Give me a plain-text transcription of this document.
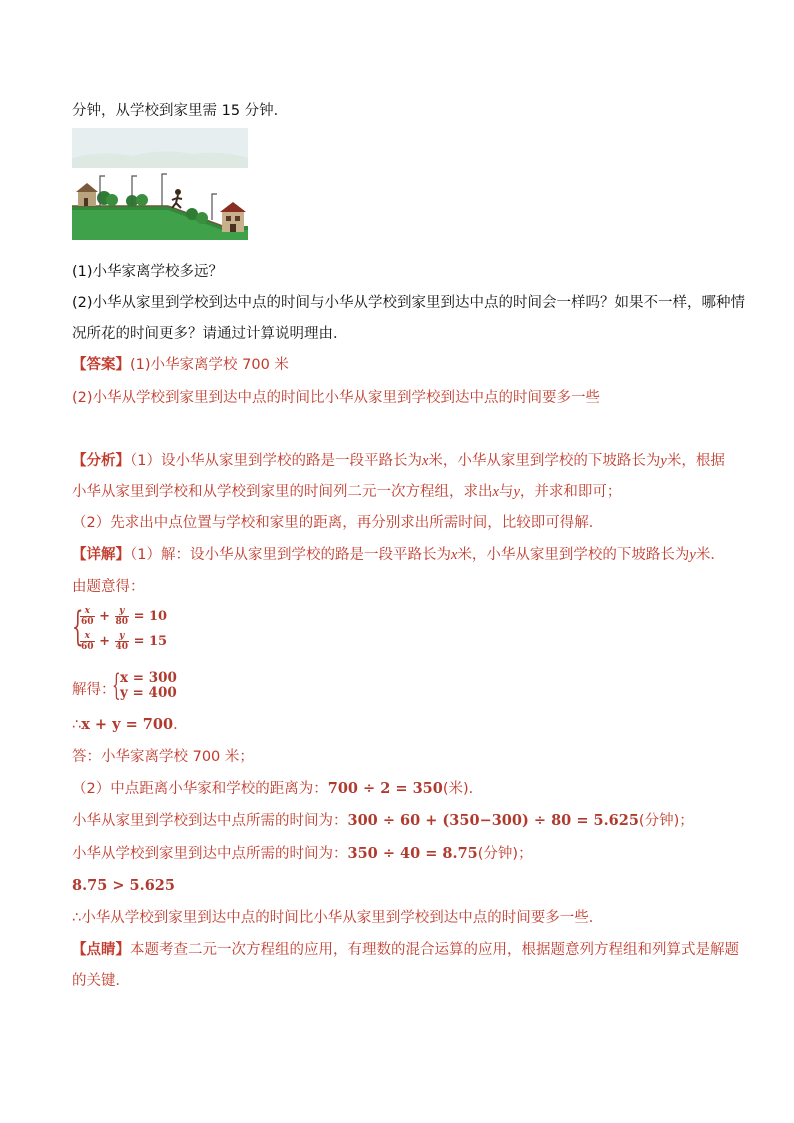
分钟，从学校到家里需 15 分钟．
(1)小华家离学校多远？
(2)小华从家里到学校到达中点的时间与小华从学校到家里到达中点的时间会一样吗？如果不一样，哪种情
况所花的时间更多？请通过计算说明理由．
【答案】(1)小华家离学校 700 米
(2)小华从学校到家里到达中点的时间比小华从家里到学校到达中点的时间要多一些
【分析】（1）设小华从家里到学校的路是一段平路长为x米，小华从家里到学校的下坡路长为y米，根据
小华从家里到学校和从学校到家里的时间列二元一次方程组，求出x与y，并求和即可；
（2）先求出中点位置与学校和家里的距离，再分别求出所需时间，比较即可得解．
【详解】（1）解：设小华从家里到学校的路是一段平路长为x米，小华从家里到学校的下坡路长为y米．
由题意得：
{
$\frac{x}{60} + \frac{y}{80} = 10$
$\frac{x}{60} + \frac{y}{40} = 15$
解得：
{ x = 300
y = 400
∴x + y = 700．
答：小华家离学校 700 米；
（2）中点距离小华家和学校的距离为：700 ÷ 2 = 350(米)．
小华从家里到学校到达中点所需的时间为：300 ÷ 60 + (350−300) ÷ 80 = 5.625(分钟)；
小华从学校到家里到达中点所需的时间为：350 ÷ 40 = 8.75(分钟)；
8.75 > 5.625
∴小华从学校到家里到达中点的时间比小华从家里到学校到达中点的时间要多一些．
【点睛】本题考查二元一次方程组的应用，有理数的混合运算的应用，根据题意列方程组和列算式是解题
的关键．
